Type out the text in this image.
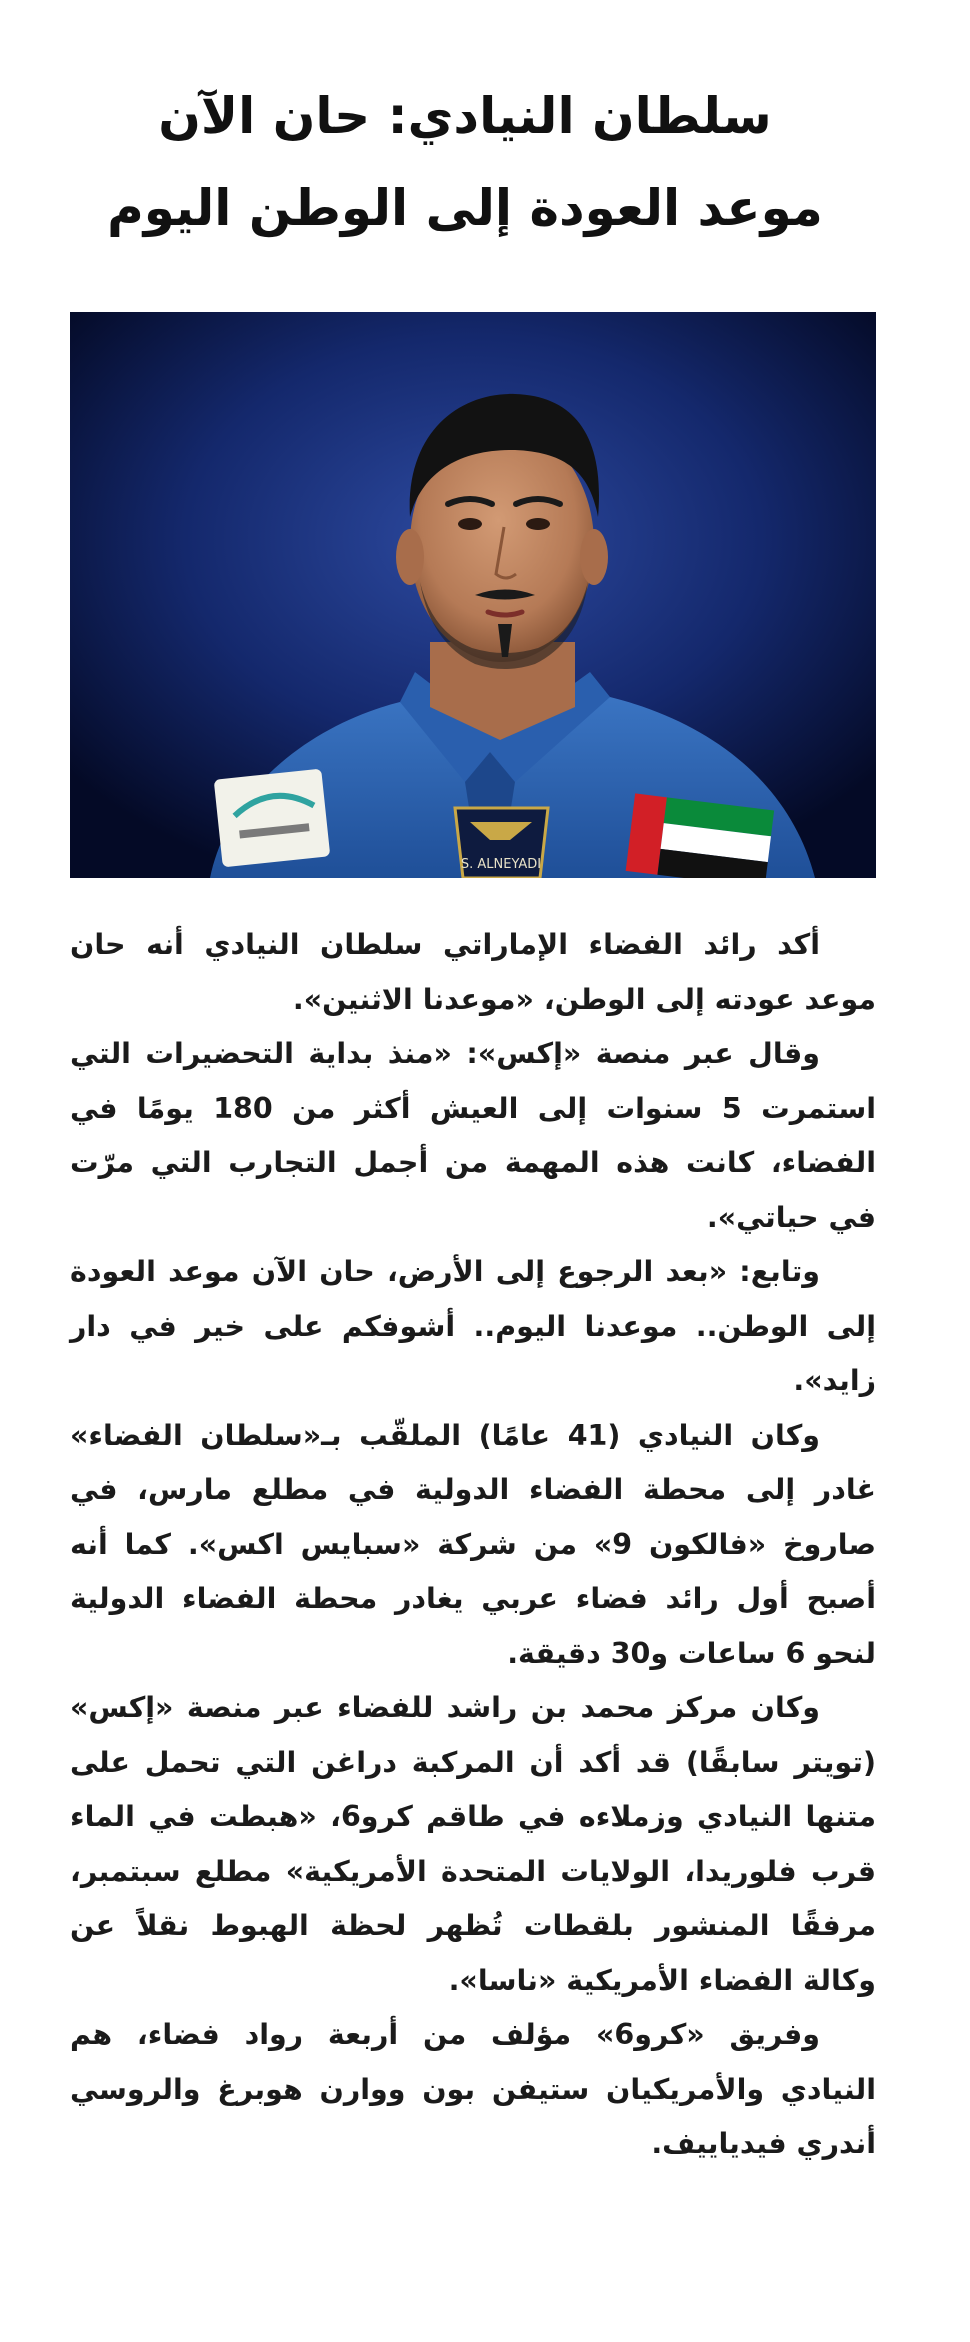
سلطان النيادي: حان الآن
موعد العودة إلى الوطن اليوم
S. ALNEYADI

أكد رائد الفضاء الإماراتي سلطان النيادي أنه حان موعد عودته إلى الوطن، «موعدنا الاثنين».

وقال عبر منصة «إكس»: «منذ بداية التحضيرات التي استمرت 5 سنوات إلى العيش أكثر من 180 يومًا في الفضاء، كانت هذه المهمة من أجمل التجارب التي مرّت في حياتي».

وتابع: «بعد الرجوع إلى الأرض، حان الآن موعد العودة إلى الوطن.. موعدنا اليوم.. أشوفكم على خير في دار زايد».

وكان النيادي (41 عامًا) الملقّب بـ«سلطان الفضاء» غادر إلى محطة الفضاء الدولية في مطلع مارس، في صاروخ «فالكون 9» من شركة «سبايس اكس». كما أنه أصبح أول رائد فضاء عربي يغادر محطة الفضاء الدولية لنحو 6 ساعات و30 دقيقة.

وكان مركز محمد بن راشد للفضاء عبر منصة «إكس» (تويتر سابقًا) قد أكد أن المركبة دراغن التي تحمل على متنها النيادي وزملاءه في طاقم كرو6، «هبطت في الماء قرب فلوريدا، الولايات المتحدة الأمريكية» مطلع سبتمبر، مرفقًا المنشور بلقطات تُظهر لحظة الهبوط نقلاً عن وكالة الفضاء الأمريكية «ناسا».

وفريق «كرو6» مؤلف من أربعة رواد فضاء، هم النيادي والأمريكيان ستيفن بون ووارن هوبرغ والروسي أندري فيدياييف.
